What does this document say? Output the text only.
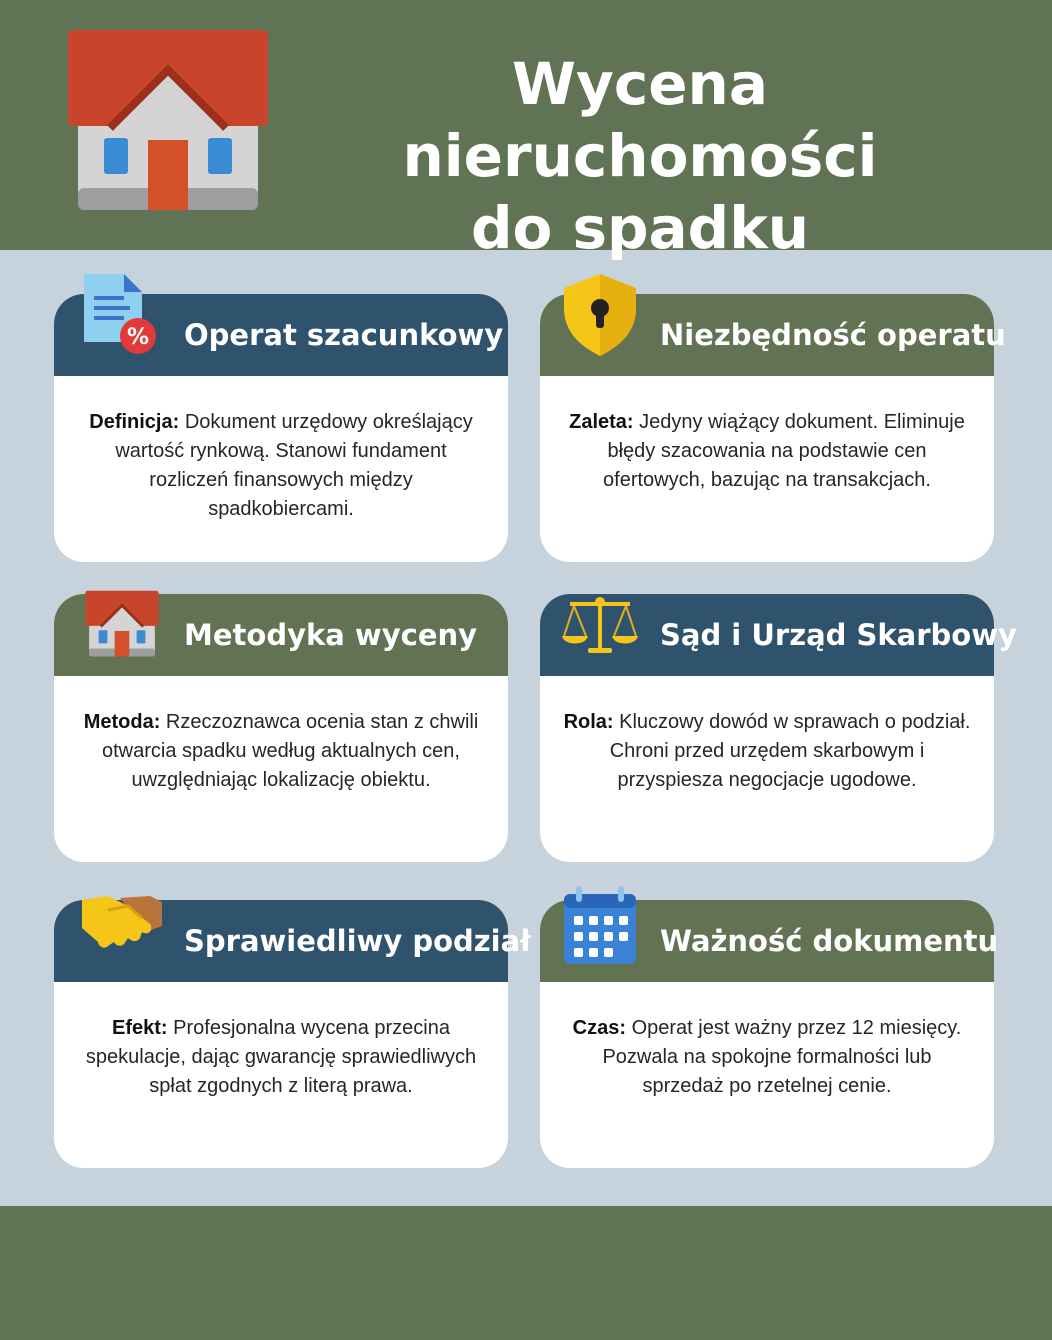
Wycena nieruchomości
do spadku
% Operat szacunkowy

Definicja: Dokument urzędowy określający wartość rynkową. Stanowi fundament rozliczeń finansowych między spadkobiercami.

Niezbędność operatu

Zaleta: Jedyny wiążący dokument. Eliminuje błędy szacowania na podstawie cen ofertowych, bazując na transakcjach.

Metodyka wyceny

Metoda: Rzeczoznawca ocenia stan z chwili otwarcia spadku według aktualnych cen, uwzględniając lokalizację obiektu.

Sąd i Urząd Skarbowy

Rola: Kluczowy dowód w sprawach o podział. Chroni przed urzędem skarbowym i przyspiesza negocjacje ugodowe.

Sprawiedliwy podział

Efekt: Profesjonalna wycena przecina spekulacje, dając gwarancję sprawiedliwych spłat zgodnych z literą prawa.

Ważność dokumentu

Czas: Operat jest ważny przez 12 miesięcy. Pozwala na spokojne formalności lub sprzedaż po rzetelnej cenie.
